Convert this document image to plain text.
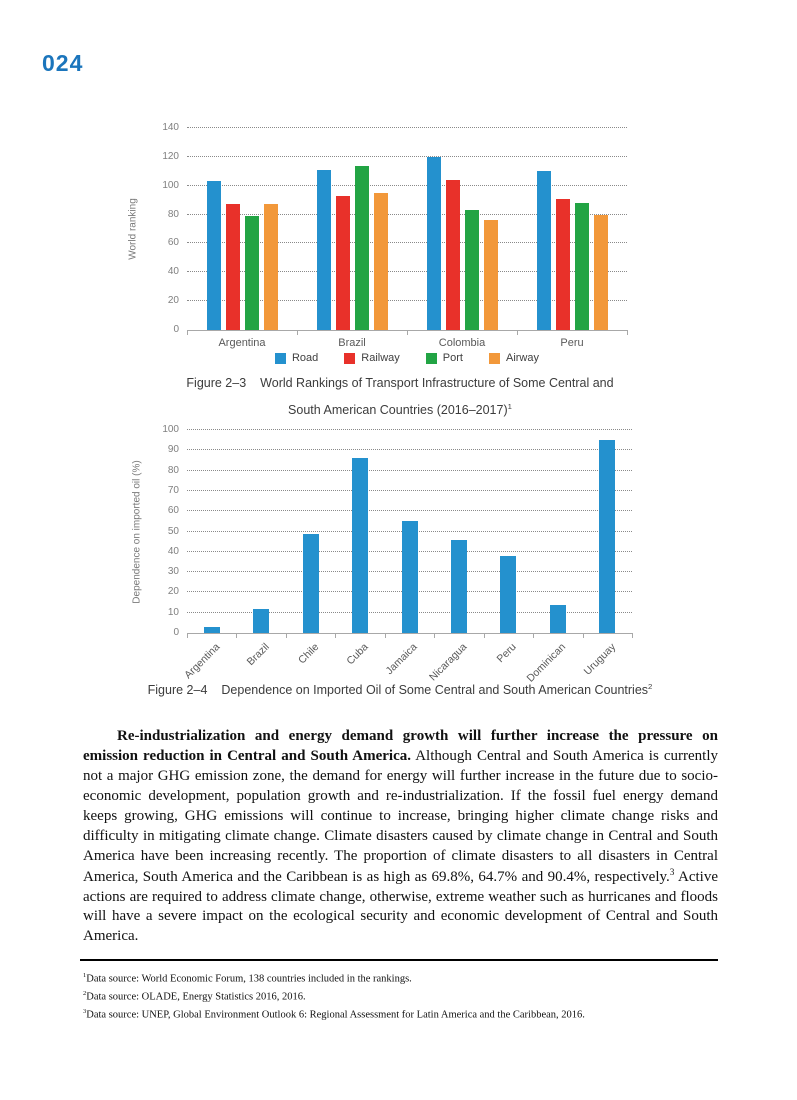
024
World ranking
Road	Railway	Port	Airway
0
20
40
60
80
100
120
140
Argentina	Brazil	Colombia	Peru
Figure 2–3 World Rankings of Transport Infrastructure of Some Central and
South American Countries (2016–2017)$^1$
Dependence on imported oil (%)
0
10
20
30
40
50
60
70
80
90
100
Argentina Brazil Chile Cuba Jamaica Nicaragua Peru Dominican Uruguay
Figure 2–4 Dependence on Imported Oil of Some Central and South American Countries$^2$

Re-industrialization and energy demand growth will further increase the pressure on emission reduction in Central and South America. Although Central and South America is currently not a major GHG emission zone, the demand for energy will further increase in the future due to socio-economic development, population growth and re-industrialization. If the fossil fuel energy demand keeps growing, GHG emissions will continue to increase, bringing higher climate change risks and difficulty in mitigating climate change. Climate disasters caused by climate change in Central and South America have been increasing recently. The proportion of climate disasters to all disasters in Central America, South America and the Caribbean is as high as 69.8%, 64.7% and 90.4%, respectively.$^3$ Active actions are required to address climate change, otherwise, extreme weather such as hurricanes and floods will have a severe impact on the ecological security and economic development of Central and South America.

$^1$Data source: World Economic Forum, 138 countries included in the rankings.

$^2$Data source: OLADE, Energy Statistics 2016, 2016.

$^3$Data source: UNEP, Global Environment Outlook 6: Regional Assessment for Latin America and the Caribbean, 2016.
